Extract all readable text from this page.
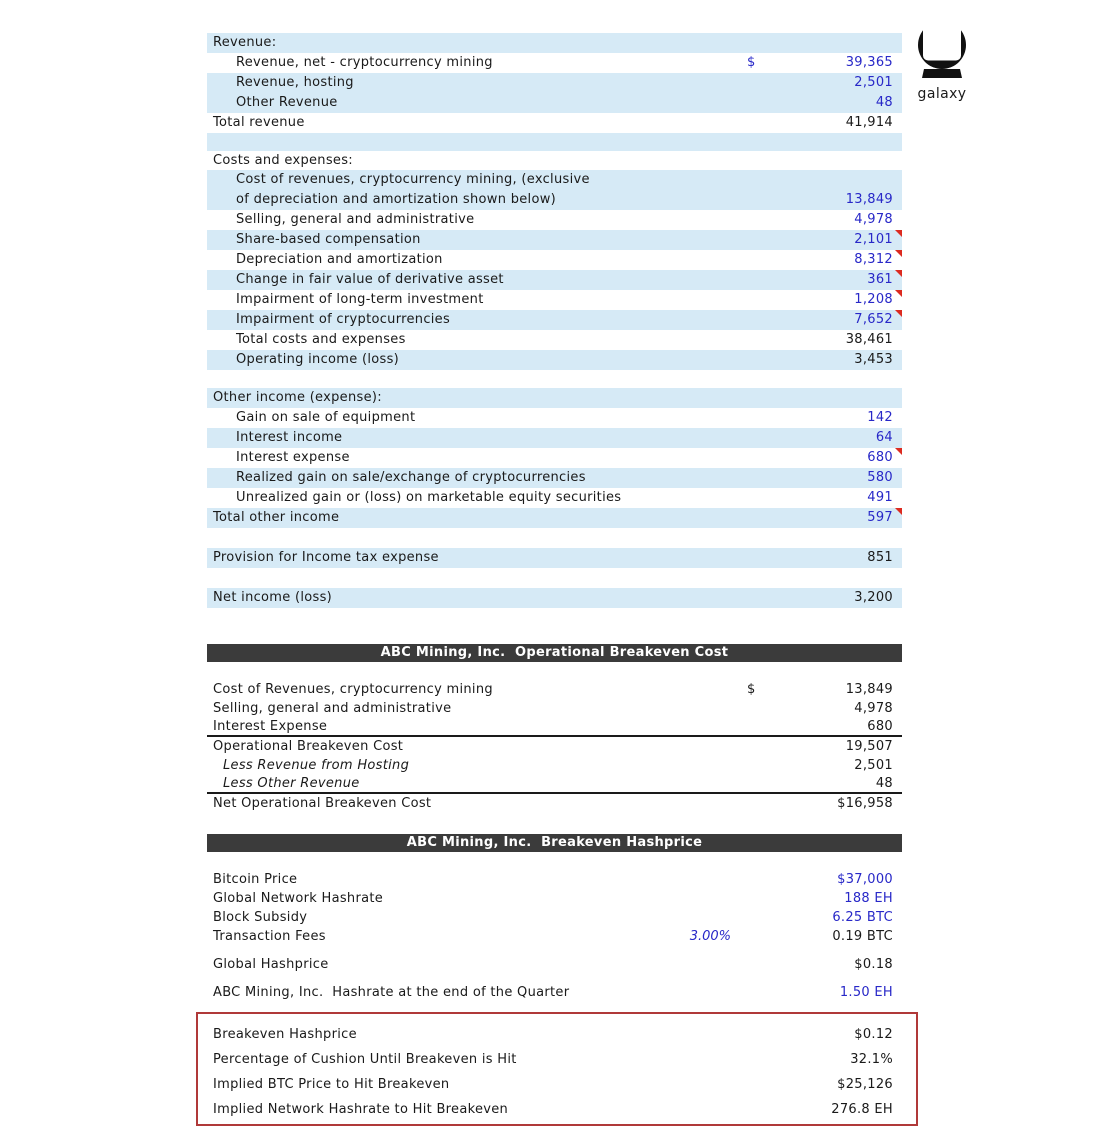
Revenue:
Revenue, net - cryptocurrency mining	$	39,365
Revenue, hosting	2,501
Other Revenue	48
Total revenue	41,914
Costs and expenses:
Cost of revenues, cryptocurrency mining, (exclusive
of depreciation and amortization shown below)	13,849
Selling, general and administrative	4,978
Share-based compensation	2,101
Depreciation and amortization	8,312
Change in fair value of derivative asset	361
Impairment of long-term investment	1,208
Impairment of cryptocurrencies	7,652
Total costs and expenses	38,461
Operating income (loss)	3,453
Other income (expense):
Gain on sale of equipment	142
Interest income	64
Interest expense	680
Realized gain on sale/exchange of cryptocurrencies	580
Unrealized gain or (loss) on marketable equity securities	491
Total other income	597
Provision for Income tax expense	851
Net income (loss)	3,200
ABC Mining, Inc.  Operational Breakeven Cost
Cost of Revenues, cryptocurrency mining	$	13,849
Selling, general and administrative	4,978
Interest Expense	680
Operational Breakeven Cost	19,507
Less Revenue from Hosting	2,501
Less Other Revenue	48
Net Operational Breakeven Cost	$16,958
ABC Mining, Inc.  Breakeven Hashprice
Bitcoin Price	$37,000
Global Network Hashrate	188 EH
Block Subsidy	6.25 BTC
Transaction Fees	3.00%	0.19 BTC
Global Hashprice	$0.18
ABC Mining, Inc.  Hashrate at the end of the Quarter	1.50 EH
Breakeven Hashprice	$0.12
Percentage of Cushion Until Breakeven is Hit	32.1%
Implied BTC Price to Hit Breakeven	$25,126
Implied Network Hashrate to Hit Breakeven	276.8 EH
galaxy
